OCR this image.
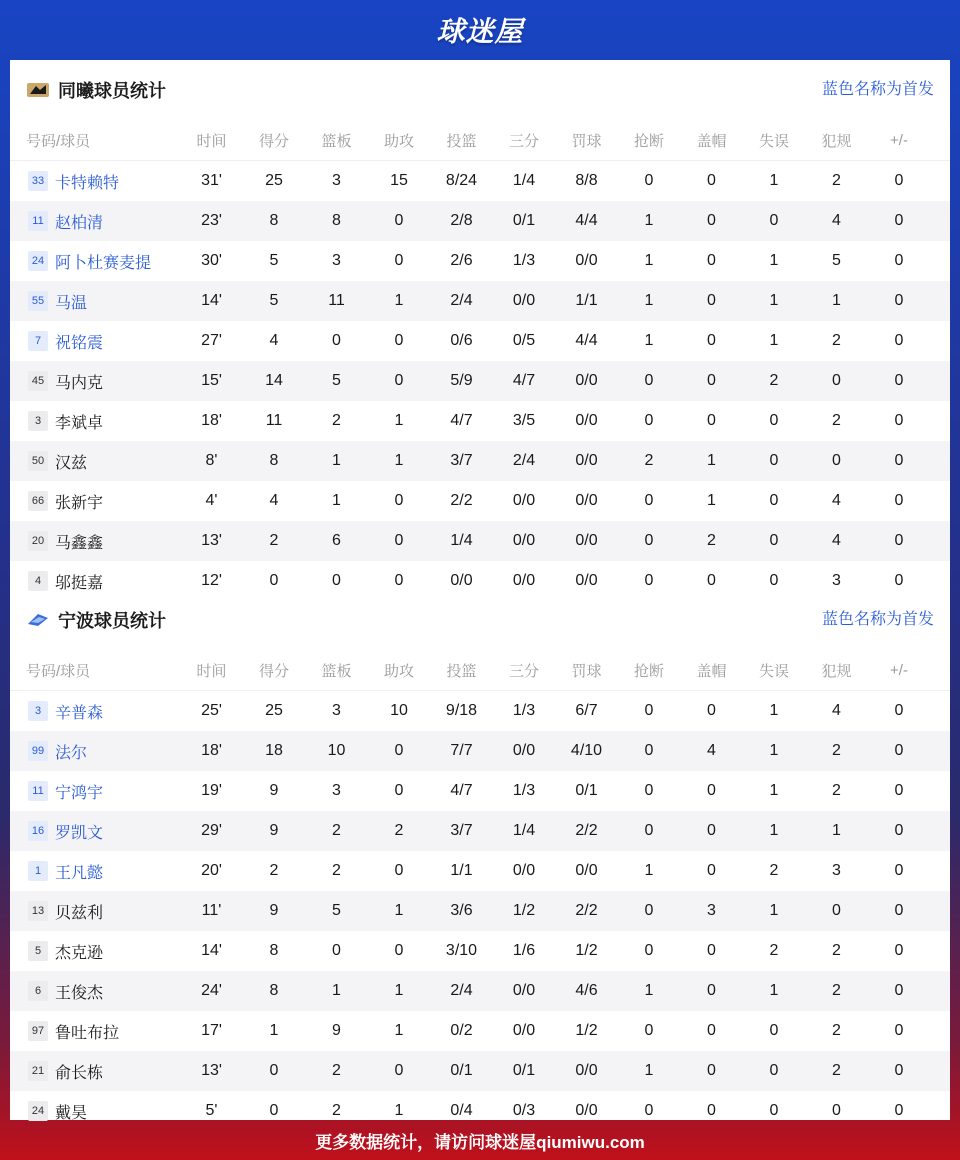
球迷屋
同曦球员统计	蓝色名称为首发
号码/球员	时间	得分	篮板	助攻	投篮	三分	罚球	抢断	盖帽	失误	犯规	+/-
33 卡特赖特	31'	25	3	15	8/24	1/4	8/8	0	0	1	2	0
11 赵柏清	23'	8	8	0	2/8	0/1	4/4	1	0	0	4	0
24 阿卜杜赛麦提	30'	5	3	0	2/6	1/3	0/0	1	0	1	5	0
55 马温	14'	5	11	1	2/4	0/0	1/1	1	0	1	1	0
7 祝铭震	27'	4	0	0	0/6	0/5	4/4	1	0	1	2	0
45 马内克	15'	14	5	0	5/9	4/7	0/0	0	0	2	0	0
3 李斌卓	18'	11	2	1	4/7	3/5	0/0	0	0	0	2	0
50 汉兹	8'	8	1	1	3/7	2/4	0/0	2	1	0	0	0
66 张新宇	4'	4	1	0	2/2	0/0	0/0	0	1	0	4	0
20 马鑫鑫	13'	2	6	0	1/4	0/0	0/0	0	2	0	4	0
4 邬挺嘉	12'	0	0	0	0/0	0/0	0/0	0	0	0	3	0
宁波球员统计	蓝色名称为首发
号码/球员	时间	得分	篮板	助攻	投篮	三分	罚球	抢断	盖帽	失误	犯规	+/-
3 辛普森	25'	25	3	10	9/18	1/3	6/7	0	0	1	4	0
99 法尔	18'	18	10	0	7/7	0/0	4/10	0	4	1	2	0
11 宁鸿宇	19'	9	3	0	4/7	1/3	0/1	0	0	1	2	0
16 罗凯文	29'	9	2	2	3/7	1/4	2/2	0	0	1	1	0
1 王凡懿	20'	2	2	0	1/1	0/0	0/0	1	0	2	3	0
13 贝兹利	11'	9	5	1	3/6	1/2	2/2	0	3	1	0	0
5 杰克逊	14'	8	0	0	3/10	1/6	1/2	0	0	2	2	0
6 王俊杰	24'	8	1	1	2/4	0/0	4/6	1	0	1	2	0
97 鲁吐布拉	17'	1	9	1	0/2	0/0	1/2	0	0	0	2	0
21 俞长栋	13'	0	2	0	0/1	0/1	0/0	1	0	0	2	0
24 戴昊	5'	0	2	1	0/4	0/3	0/0	0	0	0	0	0
更多数据统计，请访问球迷屋qiumiwu.com
